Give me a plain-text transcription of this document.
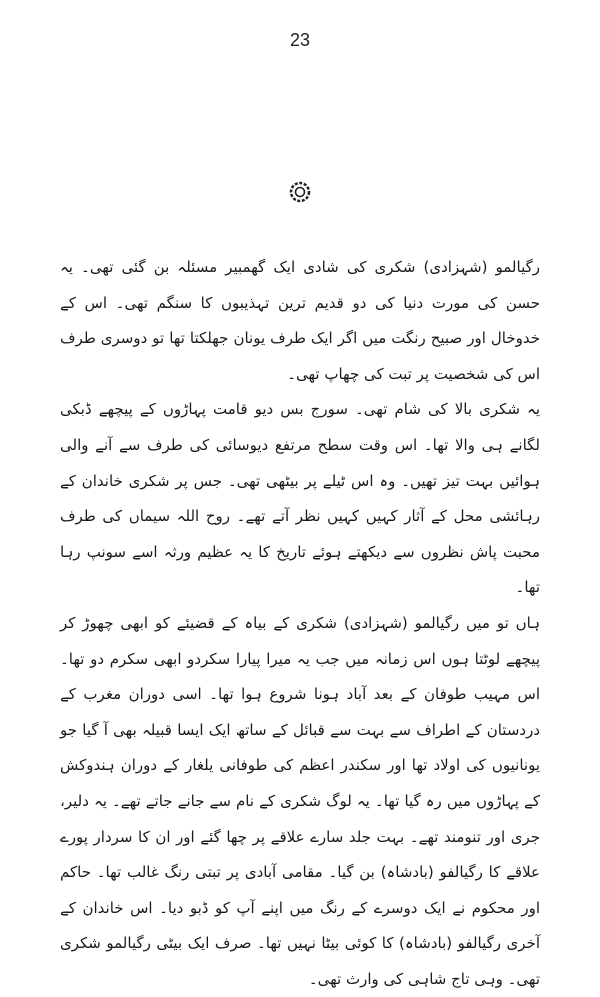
23

رگیالمو (شہزادی) شکری کی شادی ایک گھمبیر مسئلہ بن گئی تھی۔ یہ حسن کی مورت دنیا کی دو قدیم ترین تہذیبوں کا سنگم تھی۔ اس کے خدوخال اور صبیح رنگت میں اگر ایک طرف یونان جھلکتا تھا تو دوسری طرف اس کی شخصیت پر تبت کی چھاپ تھی۔

یہ شکری بالا کی شام تھی۔ سورج بس دیو قامت پہاڑوں کے پیچھے ڈبکی لگانے ہی والا تھا۔ اس وقت سطح مرتفع دیوسائی کی طرف سے آنے والی ہوائیں بہت تیز تھیں۔ وہ اس ٹیلے پر بیٹھی تھی۔ جس پر شکری خاندان کے رہائشی محل کے آثار کہیں کہیں نظر آتے تھے۔ روح اللہ سیماں کی طرف محبت پاش نظروں سے دیکھتے ہوئے تاریخ کا یہ عظیم ورثہ اسے سونپ رہا تھا۔

ہاں تو میں رگیالمو (شہزادی) شکری کے بیاہ کے قضیئے کو ابھی چھوڑ کر پیچھے لوٹتا ہوں اس زمانہ میں جب یہ میرا پیارا سکردو ابھی سکرم دو تھا۔ اس مہیب طوفان کے بعد آباد ہونا شروع ہوا تھا۔ اسی دوران مغرب کے دردستان کے اطراف سے بہت سے قبائل کے ساتھ ایک ایسا قبیلہ بھی آ گیا جو یونانیوں کی اولاد تھا اور سکندر اعظم کی طوفانی یلغار کے دوران ہندوکش کے پہاڑوں میں رہ گیا تھا۔ یہ لوگ شکری کے نام سے جانے جاتے تھے۔ یہ دلیر، جری اور تنومند تھے۔ بہت جلد سارے علاقے پر چھا گئے اور ان کا سردار پورے علاقے کا رگیالفو (بادشاہ) بن گیا۔ مقامی آبادی پر تبتی رنگ غالب تھا۔ حاکم اور محکوم نے ایک دوسرے کے رنگ میں اپنے آپ کو ڈبو دیا۔ اس خاندان کے آخری رگیالفو (بادشاہ) کا کوئی بیٹا نہیں تھا۔ صرف ایک بیٹی رگیالمو شکری تھی۔ وہی تاج شاہی کی وارث تھی۔
